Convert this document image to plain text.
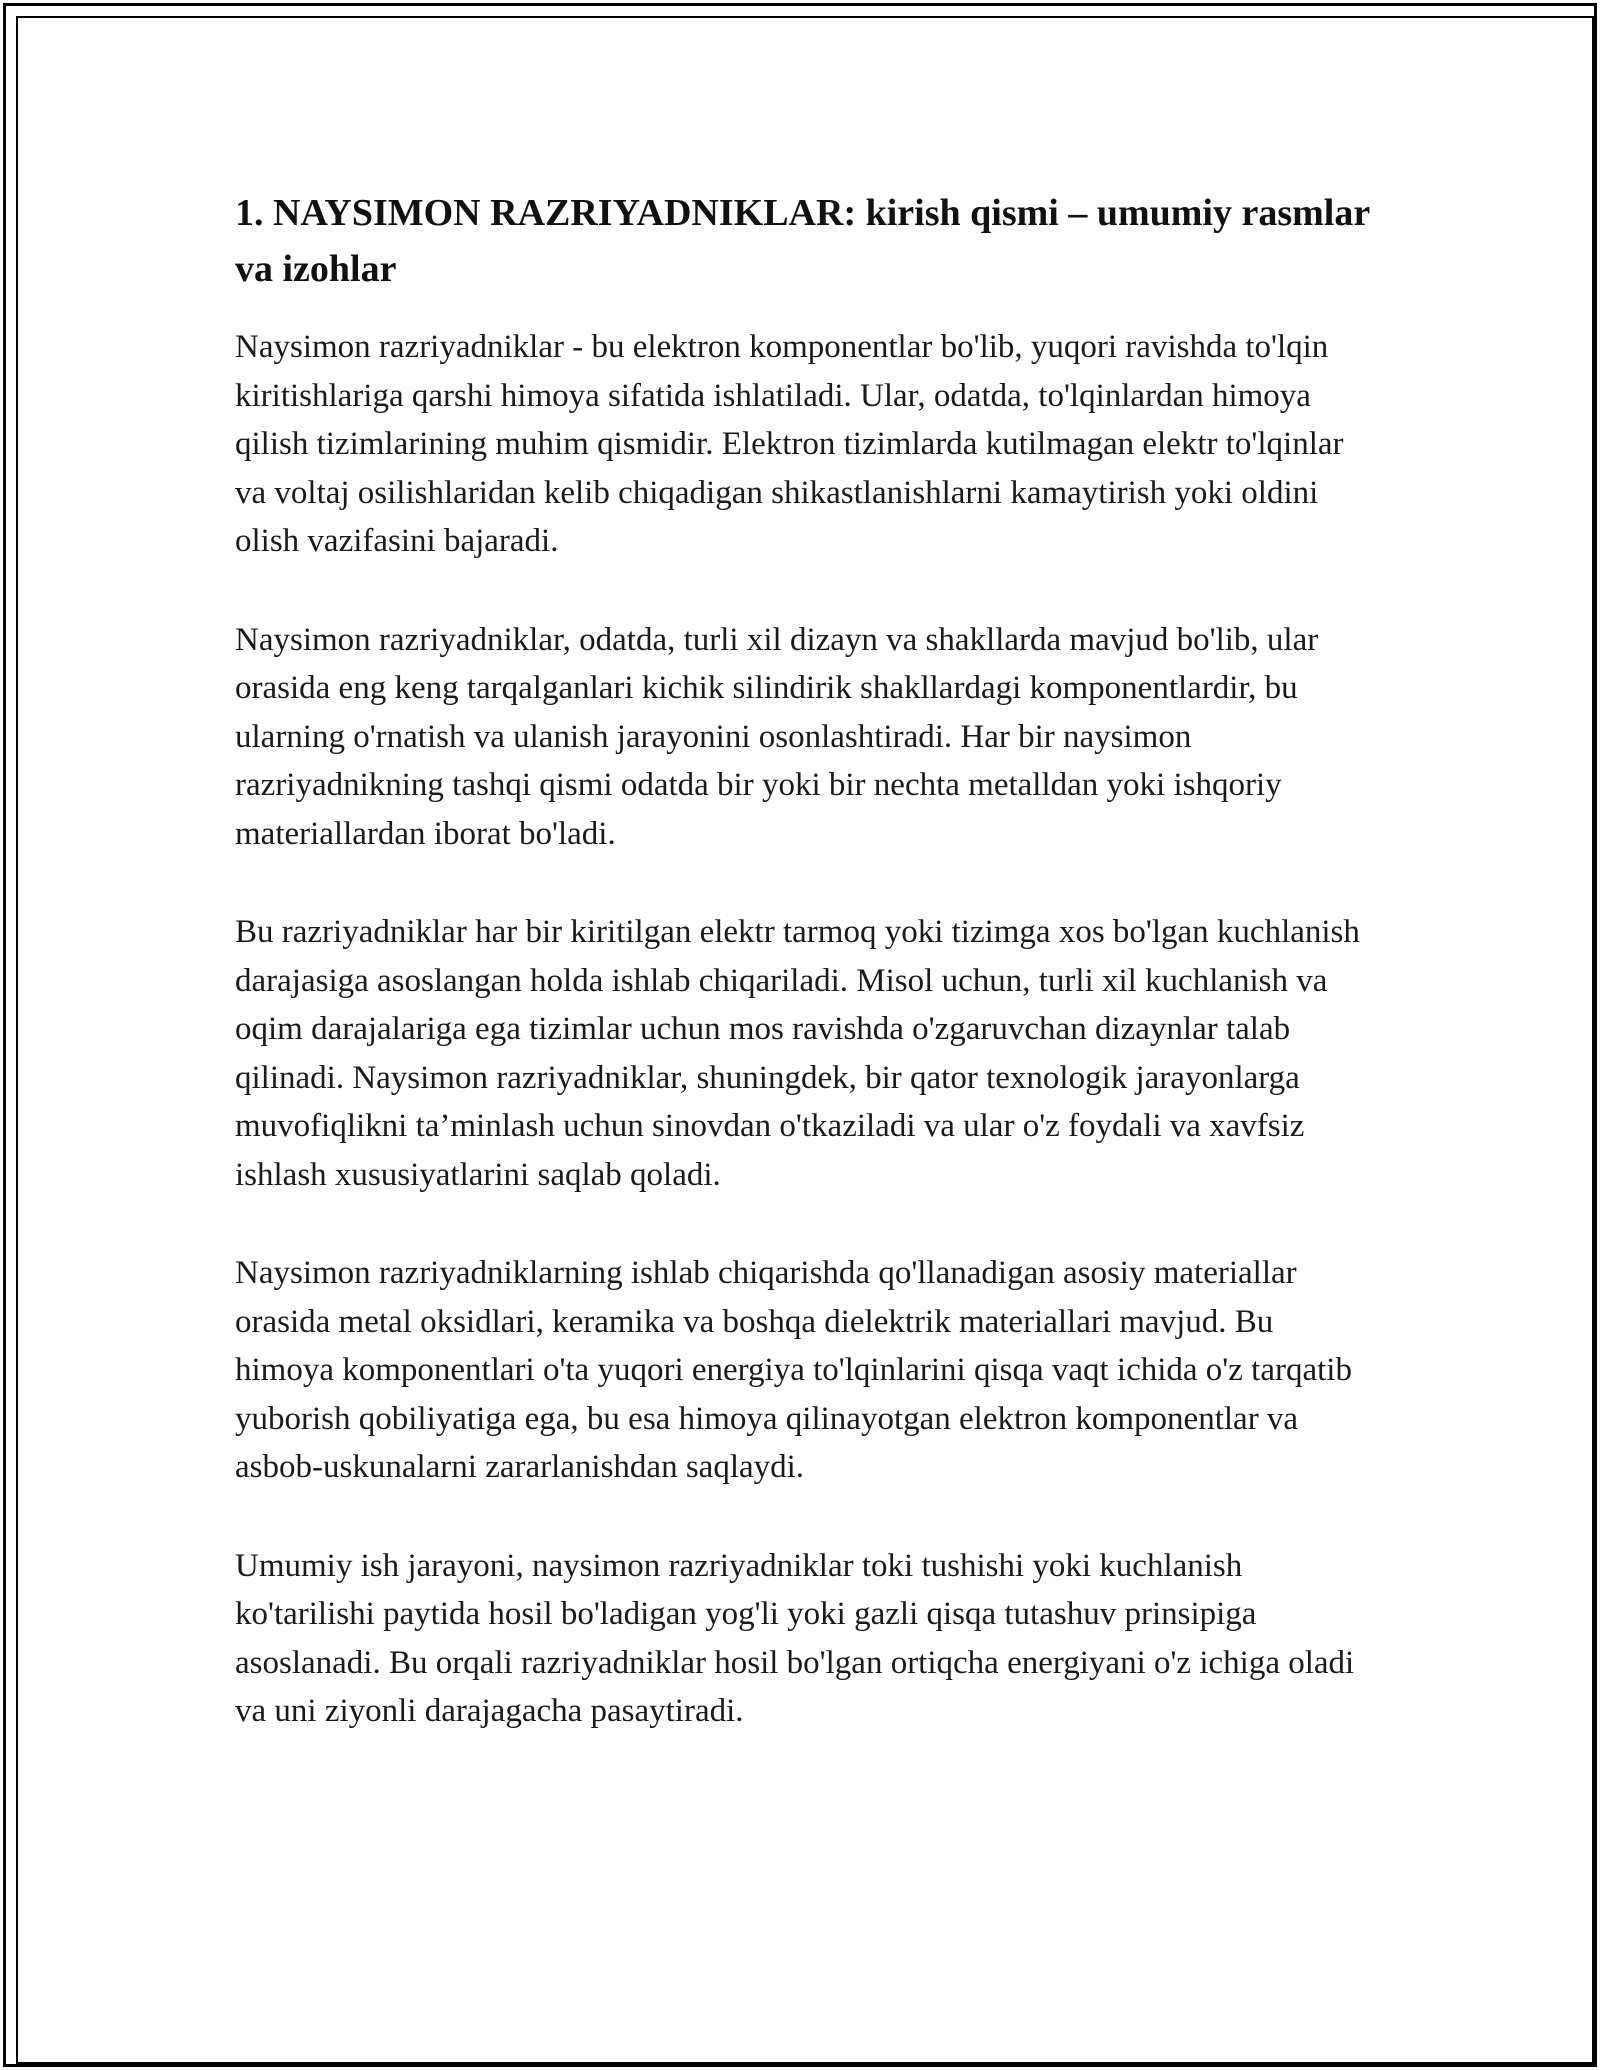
1. NAYSIMON RAZRIYADNIKLAR: kirish qismi – umumiy rasmlar va izohlar

Naysimon razriyadniklar - bu elektron komponentlar bo'lib, yuqori ravishda to'lqin kiritishlariga qarshi himoya sifatida ishlatiladi. Ular, odatda, to'lqinlardan himoya qilish tizimlarining muhim qismidir. Elektron tizimlarda kutilmagan elektr to'lqinlar va voltaj osilishlaridan kelib chiqadigan shikastlanishlarni kamaytirish yoki oldini olish vazifasini bajaradi.

Naysimon razriyadniklar, odatda, turli xil dizayn va shakllarda mavjud bo'lib, ular orasida eng keng tarqalganlari kichik silindirik shakllardagi komponentlardir, bu ularning o'rnatish va ulanish jarayonini osonlashtiradi. Har bir naysimon razriyadnikning tashqi qismi odatda bir yoki bir nechta metalldan yoki ishqoriy materiallardan iborat bo'ladi.

Bu razriyadniklar har bir kiritilgan elektr tarmoq yoki tizimga xos bo'lgan kuchlanish darajasiga asoslangan holda ishlab chiqariladi. Misol uchun, turli xil kuchlanish va oqim darajalariga ega tizimlar uchun mos ravishda o'zgaruvchan dizaynlar talab qilinadi. Naysimon razriyadniklar, shuningdek, bir qator texnologik jarayonlarga muvofiqlikni ta’minlash uchun sinovdan o'tkaziladi va ular o'z foydali va xavfsiz ishlash xususiyatlarini saqlab qoladi.

Naysimon razriyadniklarning ishlab chiqarishda qo'llanadigan asosiy materiallar orasida metal oksidlari, keramika va boshqa dielektrik materiallari mavjud. Bu himoya komponentlari o'ta yuqori energiya to'lqinlarini qisqa vaqt ichida o'z tarqatib yuborish qobiliyatiga ega, bu esa himoya qilinayotgan elektron komponentlar va asbob-uskunalarni zararlanishdan saqlaydi.

Umumiy ish jarayoni, naysimon razriyadniklar toki tushishi yoki kuchlanish ko'tarilishi paytida hosil bo'ladigan yog'li yoki gazli qisqa tutashuv prinsipiga asoslanadi. Bu orqali razriyadniklar hosil bo'lgan ortiqcha energiyani o'z ichiga oladi va uni ziyonli darajagacha pasaytiradi.
